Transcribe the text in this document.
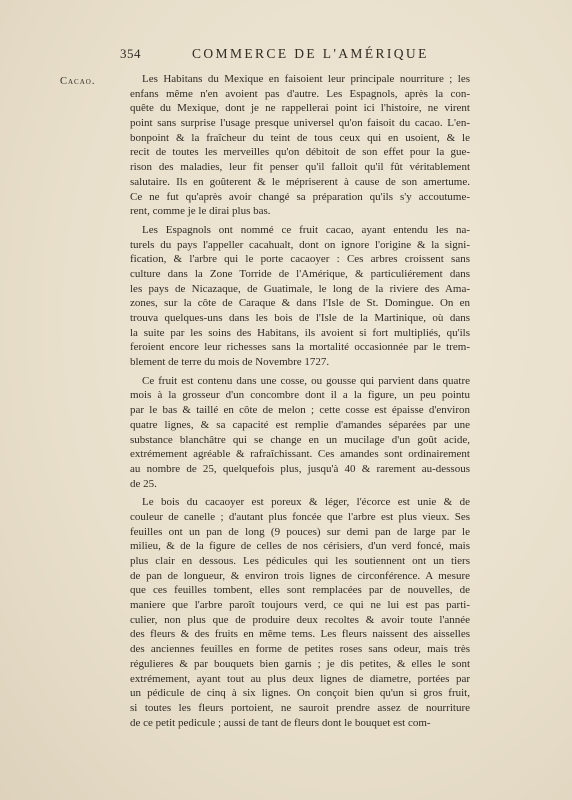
354	COMMERCE DE L'AMÉRIQUE
Cacao.	Les Habitans du Mexique en faisoient leur principale nourriture ; les
enfans même n'en avoient pas d'autre. Les Espagnols, après la con-
quête du Mexique, dont je ne rappellerai point ici l'histoire, ne virent
point sans surprise l'usage presque universel qu'on faisoit du cacao. L'en-
bonpoint & la fraîcheur du teint de tous ceux qui en usoient, & le
recit de toutes les merveilles qu'on débitoit de son effet pour la gue-
rison des maladies, leur fit penser qu'il falloit qu'il fût véritablement
salutaire. Ils en goûterent & le mépriserent à cause de son amertume.
Ce ne fut qu'après avoir changé sa préparation qu'ils s'y accoutume-
rent, comme je le dirai plus bas.
Les Espagnols ont nommé ce fruit cacao, ayant entendu les na-
turels du pays l'appeller cacahualt, dont on ignore l'origine & la signi-
fication, & l'arbre qui le porte cacaoyer : Ces arbres croissent sans
culture dans la Zone Torride de l'Amérique, & particuliérement dans
les pays de Nicazaque, de Guatimale, le long de la riviere des Ama-
zones, sur la côte de Caraque & dans l'Isle de St. Domingue. On en
trouva quelques-uns dans les bois de l'Isle de la Martinique, où dans
la suite par les soins des Habitans, ils avoient si fort multipliés, qu'ils
feroient encore leur richesses sans la mortalité occasionnée par le trem-
blement de terre du mois de Novembre 1727.
Ce fruit est contenu dans une cosse, ou gousse qui parvient dans quatre
mois à la grosseur d'un concombre dont il a la figure, un peu pointu
par le bas & taillé en côte de melon ; cette cosse est épaisse d'environ
quatre lignes, & sa capacité est remplie d'amandes séparées par une
substance blanchâtre qui se change en un mucilage d'un goût acide,
extrémement agréable & rafraîchissant. Ces amandes sont ordinairement
au nombre de 25, quelquefois plus, jusqu'à 40 & rarement au-dessous
de 25.
Le bois du cacaoyer est poreux & léger, l'écorce est unie & de
couleur de canelle ; d'autant plus foncée que l'arbre est plus vieux. Ses
feuilles ont un pan de long (9 pouces) sur demi pan de large par le
milieu, & de la figure de celles de nos cérisiers, d'un verd foncé, mais
plus clair en dessous. Les pédicules qui les soutiennent ont un tiers
de pan de longueur, & environ trois lignes de circonférence. A mesure
que ces feuilles tombent, elles sont remplacées par de nouvelles, de
maniere que l'arbre paroît toujours verd, ce qui ne lui est pas parti-
culier, non plus que de produire deux recoltes & avoir toute l'année
des fleurs & des fruits en même tems. Les fleurs naissent des aisselles
des anciennes feuilles en forme de petites roses sans odeur, mais très
régulieres & par bouquets bien garnis ; je dis petites, & elles le sont
extrémement, ayant tout au plus deux lignes de diametre, portées par
un pédicule de cinq à six lignes. On conçoit bien qu'un si gros fruit,
si toutes les fleurs portoient, ne sauroit prendre assez de nourriture
de ce petit pedicule ; aussi de tant de fleurs dont le bouquet est com-
